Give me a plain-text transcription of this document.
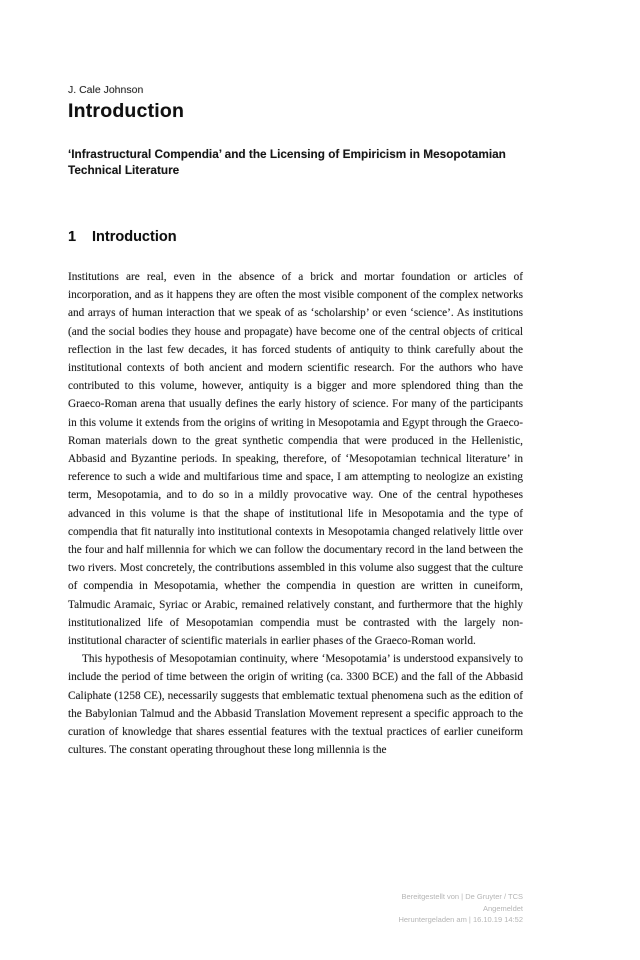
J. Cale Johnson
Introduction
‘Infrastructural Compendia’ and the Licensing of Empiricism in Mesopotamian Technical Literature
1 Introduction

Institutions are real, even in the absence of a brick and mortar foundation or articles of incorporation, and as it happens they are often the most visible component of the complex networks and arrays of human interaction that we speak of as ‘scholarship’ or even ‘science’. As institutions (and the social bodies they house and propagate) have become one of the central objects of critical reflection in the last few decades, it has forced students of antiquity to think carefully about the institutional contexts of both ancient and modern scientific research. For the authors who have contributed to this volume, however, antiquity is a bigger and more splendored thing than the Graeco-Roman arena that usually defines the early history of science. For many of the participants in this volume it extends from the origins of writing in Mesopotamia and Egypt through the Graeco-Roman materials down to the great synthetic compendia that were produced in the Hellenistic, Abbasid and Byzantine periods. In speaking, therefore, of ‘Mesopotamian technical literature’ in reference to such a wide and multifarious time and space, I am attempting to neologize an existing term, Mesopotamia, and to do so in a mildly provocative way. One of the central hypotheses advanced in this volume is that the shape of institutional life in Mesopotamia and the type of compendia that fit naturally into institutional contexts in Mesopotamia changed relatively little over the four and half millennia for which we can follow the documentary record in the land between the two rivers. Most concretely, the contributions assembled in this volume also suggest that the culture of compendia in Mesopotamia, whether the compendia in question are written in cuneiform, Talmudic Aramaic, Syriac or Arabic, remained relatively constant, and furthermore that the highly institutionalized life of Mesopotamian compendia must be contrasted with the largely non-institutional character of scientific materials in earlier phases of the Graeco-Roman world.

This hypothesis of Mesopotamian continuity, where ‘Mesopotamia’ is understood expansively to include the period of time between the origin of writing (ca. 3300 BCE) and the fall of the Abbasid Caliphate (1258 CE), necessarily suggests that emblematic textual phenomena such as the edition of the Babylonian Talmud and the Abbasid Translation Movement represent a specific approach to the curation of knowledge that shares essential features with the textual practices of earlier cuneiform cultures. The constant operating throughout these long millennia is the

Bereitgestellt von | De Gruyter / TCS
Angemeldet
Heruntergeladen am | 16.10.19 14:52
